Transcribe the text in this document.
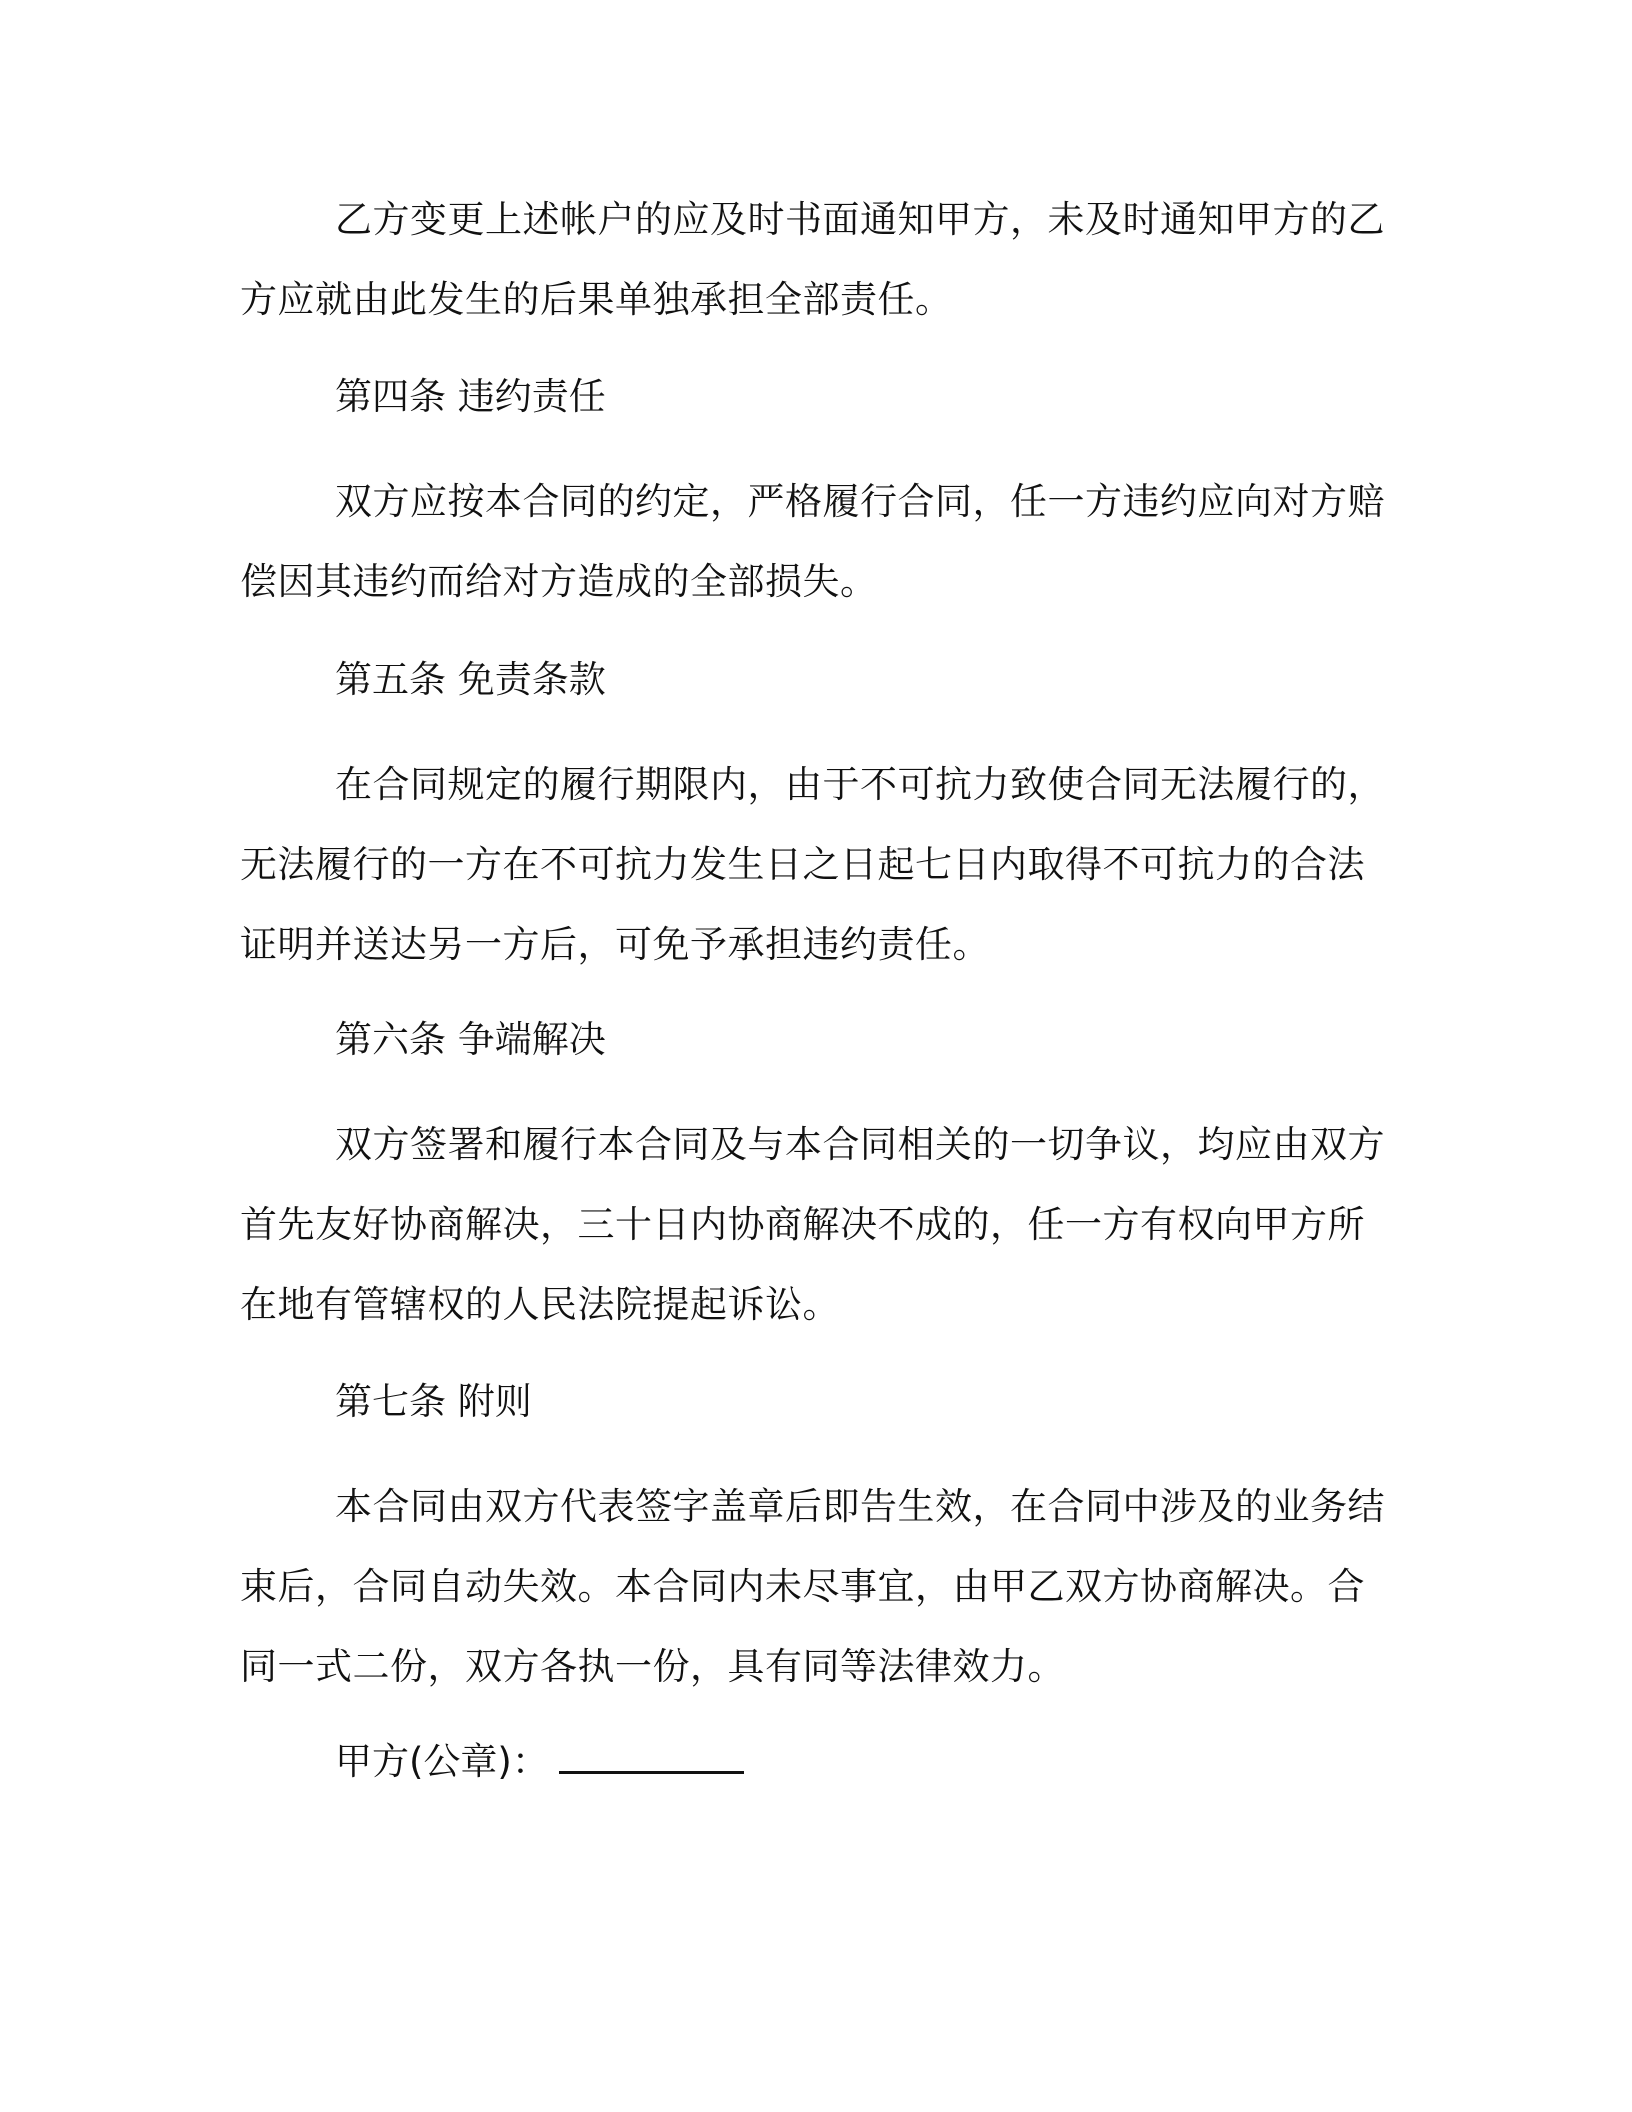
乙方变更上述帐户的应及时书面通知甲方，未及时通知甲方的乙方应就由此发生的后果单独承担全部责任。
第四条 违约责任
双方应按本合同的约定，严格履行合同，任一方违约应向对方赔偿因其违约而给对方造成的全部损失。
第五条 免责条款
在合同规定的履行期限内，由于不可抗力致使合同无法履行的，无法履行的一方在不可抗力发生日之日起七日内取得不可抗力的合法证明并送达另一方后，可免予承担违约责任。
第六条 争端解决
双方签署和履行本合同及与本合同相关的一切争议，均应由双方首先友好协商解决，三十日内协商解决不成的，任一方有权向甲方所在地有管辖权的人民法院提起诉讼。
第七条 附则
本合同由双方代表签字盖章后即告生效，在合同中涉及的业务结束后，合同自动失效。本合同内未尽事宜，由甲乙双方协商解决。合同一式二份，双方各执一份，具有同等法律效力。
甲方(公章)：
